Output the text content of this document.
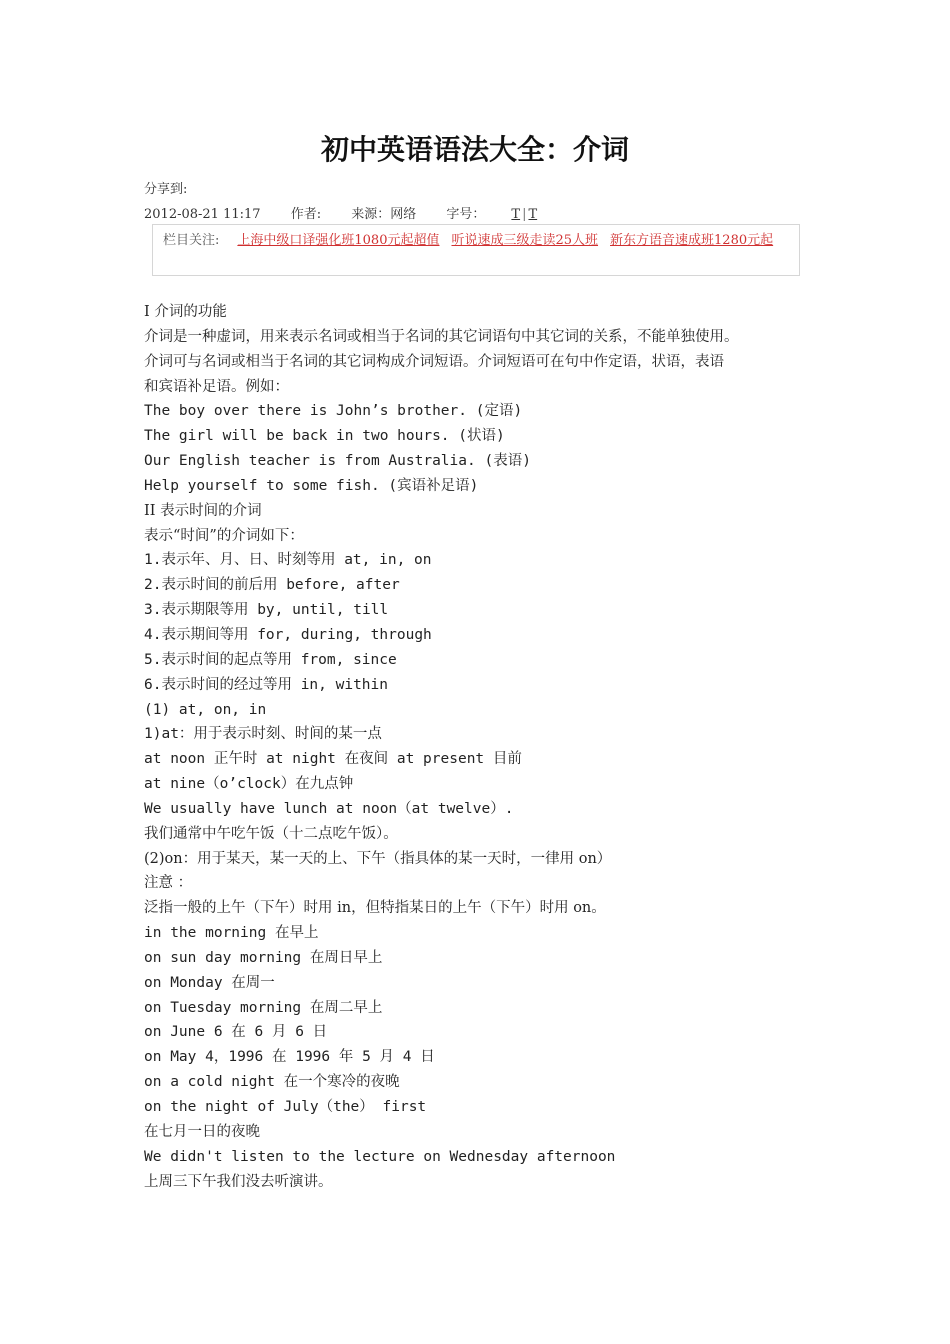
初中英语语法大全：介词
分享到:
2012-08-21 11:17 作者: 来源：网络 字号： T | T
栏目关注: 上海中级口译强化班1080元起超值 听说速成三级走读25人班 新东方语音速成班1280元起
I 介词的功能
介词是一种虚词，用来表示名词或相当于名词的其它词语句中其它词的关系，不能单独使用。
介词可与名词或相当于名词的其它词构成介词短语。介词短语可在句中作定语，状语，表语
和宾语补足语。例如：
The boy over there is John’s brother. (定语)
The girl will be back in two hours. (状语)
Our English teacher is from Australia. (表语)
Help yourself to some fish. (宾语补足语)
II 表示时间的介词
表示“时间”的介词如下：
1.表示年、月、日、时刻等用 at, in, on
2.表示时间的前后用 before, after
3.表示期限等用 by, until, till
4.表示期间等用 for, during, through
5.表示时间的起点等用 from, since
6.表示时间的经过等用 in, within
(1) at, on, in
1)at：用于表示时刻、时间的某一点
at noon 正午时 at night 在夜间 at present 目前
at nine（o’clock）在九点钟
We usually have lunch at noon（at twelve）.
我们通常中午吃午饭（十二点吃午饭）。
(2)on：用于某天，某一天的上、下午（指具体的某一天时，一律用 on）
注意 ：
泛指一般的上午（下午）时用 in，但特指某日的上午（下午）时用 on。
in the morning 在早上
on sun day morning 在周日早上
on Monday 在周一
on Tuesday morning 在周二早上
on June 6 在 6 月 6 日
on May 4，1996 在 1996 年 5 月 4 日
on a cold night 在一个寒冷的夜晚
on the night of July（the） first
在七月一日的夜晚
We didn't listen to the lecture on Wednesday afternoon
上周三下午我们没去听演讲。
